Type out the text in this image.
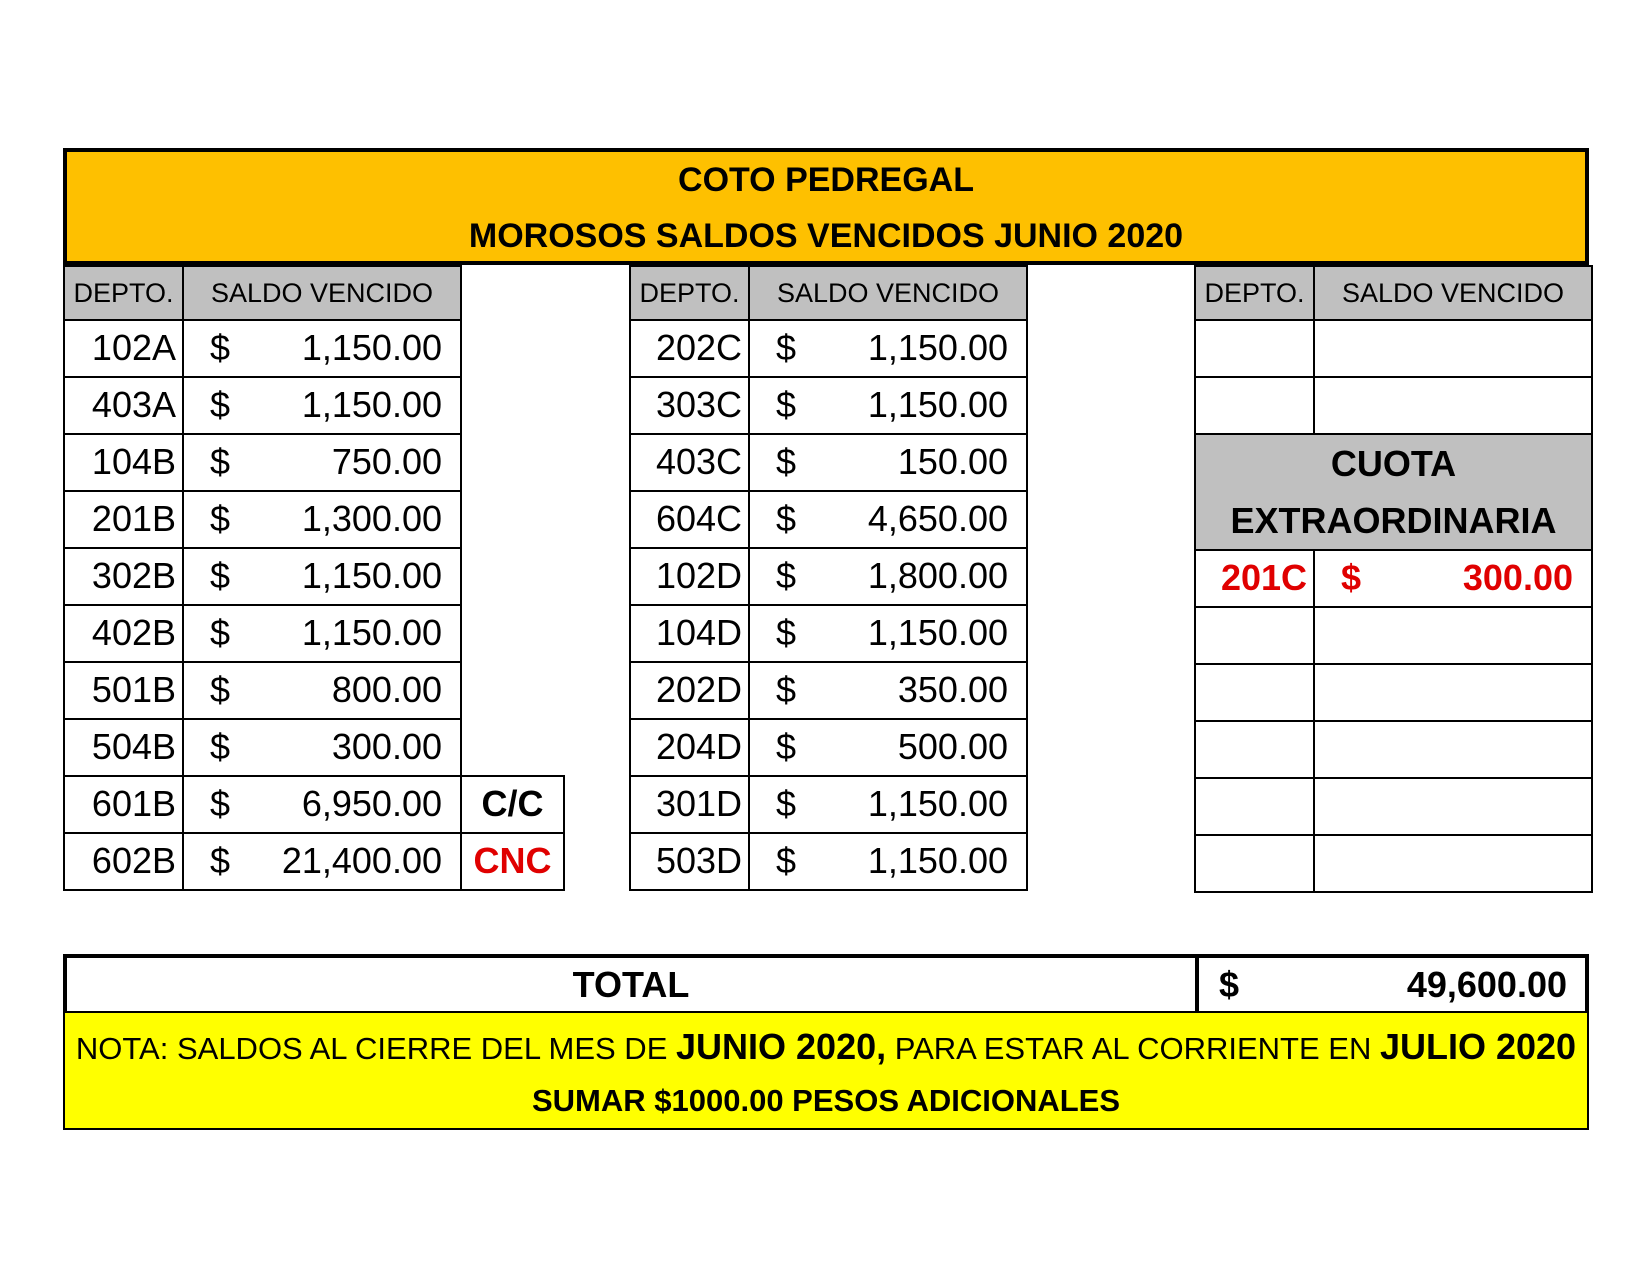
COTO PEDREGAL
MOROSOS SALDOS VENCIDOS JUNIO 2020
DEPTO.	SALDO VENCIDO
102A $ 1,150.00
403A $ 1,150.00
104B $	750.00
201B $ 1,300.00
302B $ 1,150.00
402B $ 1,150.00
501B $	800.00
504B $	300.00
601B $ 6,950.00	C/C
602B $ 21,400.00 CNC
DEPTO.	SALDO VENCIDO
202C $ 1,150.00
303C $ 1,150.00
403C $	150.00
604C $ 4,650.00
102D $ 1,800.00
104D $ 1,150.00
202D $	350.00
204D $	500.00
301D $ 1,150.00
503D $ 1,150.00
DEPTO.	SALDO VENCIDO
CUOTA
EXTRAORDINARIA
201C $	300.00
TOTAL	$	49,600.00
NOTA: SALDOS AL CIERRE DEL MES DE JUNIO 2020, PARA ESTAR AL CORRIENTE EN JULIO 2020
SUMAR $1000.00 PESOS ADICIONALES
